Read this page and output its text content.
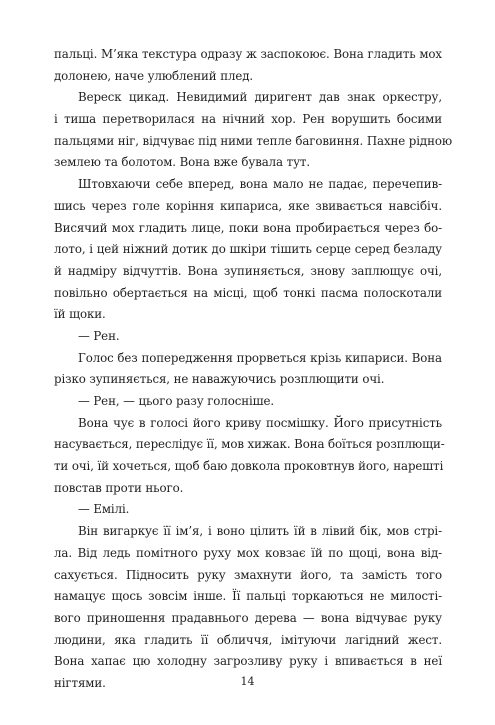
пальці. М’яка текстура одразу ж заспокоює. Вона гладить мох
долонею, наче улюблений плед.
Вереск цикад. Невидимий диригент дав знак оркестру,
і тиша перетворилася на нічний хор. Рен ворушить босими
пальцями ніг, відчуває під ними тепле баговиння. Пахне рідною
землею та болотом. Вона вже бувала тут.
Штовхаючи себе вперед, вона мало не падає, перечепив-
шись через голе коріння кипариса, яке звивається навсібіч.
Висячий мох гладить лице, поки вона пробирається через бо-
лото, і цей ніжний дотик до шкіри тішить серце серед безладу
й надміру відчуттів. Вона зупиняється, знову заплющує очі,
повільно обертається на місці, щоб тонкі пасма полоскотали
їй щоки.
— Рен.
Голос без попередження прорветься крізь кипариси. Вона
різко зупиняється, не наважуючись розплющити очі.
— Рен, — цього разу голосніше.
Вона чує в голосі його криву посмішку. Його присутність
насувається, переслідує її, мов хижак. Вона боїться розплющи-
ти очі, їй хочеться, щоб баю довкола проковтнув його, нарешті
повстав проти нього.
— Емілі.
Він вигаркує її ім’я, і воно цілить їй в лівий бік, мов стрі-
ла. Від ледь помітного руху мох ковзає їй по щоці, вона від-
сахується. Підносить руку змахнути його, та замість того
намацує щось зовсім інше. Її пальці торкаються не милості-
вого приношення прадавнього дерева — вона відчуває руку
людини, яка гладить її обличчя, імітуючи лагідний жест.
Вона хапає цю холодну загрозливу руку і впивається в неї
нігтями.	14
